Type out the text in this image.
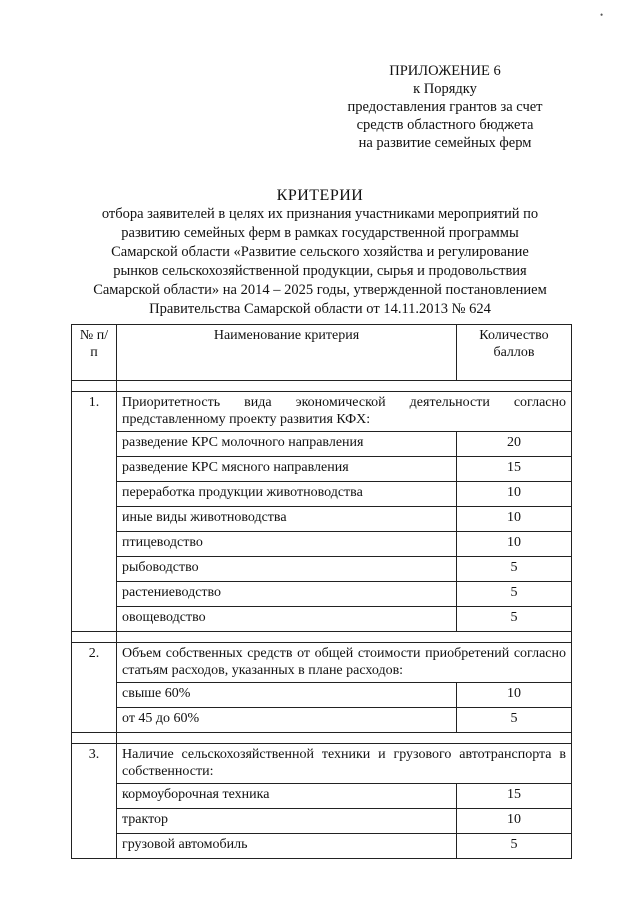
•
ПРИЛОЖЕНИЕ 6
к Порядку
предоставления грантов за счет
средств областного бюджета
на развитие семейных ферм
КРИТЕРИИ
отбора заявителей в целях их признания участниками мероприятий по
развитию семейных ферм в рамках государственной программы
Самарской области «Развитие сельского хозяйства и регулирование
рынков сельскохозяйственной продукции, сырья и продовольствия
Самарской области» на 2014 – 2025 годы, утвержденной постановлением
Правительства Самарской области от 14.11.2013 № 624
№ п/п	Наименование критерия	Количество баллов

1.	Приоритетность вида экономической деятельности согласно представленному проекту развития КФХ:	
	разведение КРС молочного направления	20
	разведение КРС мясного направления	15
	переработка продукции животноводства	10
	иные виды животноводства	10
	птицеводство	10
	рыбоводство	5
	растениеводство	5
	овощеводство	5

2.	Объем собственных средств от общей стоимости приобретений согласно статьям расходов, указанных в плане расходов:	
	свыше 60%	10
	от 45 до 60%	5

3.	Наличие сельскохозяйственной техники и грузового автотранспорта в собственности:	
	кормоуборочная техника	15
	трактор	10
	грузовой автомобиль	5
